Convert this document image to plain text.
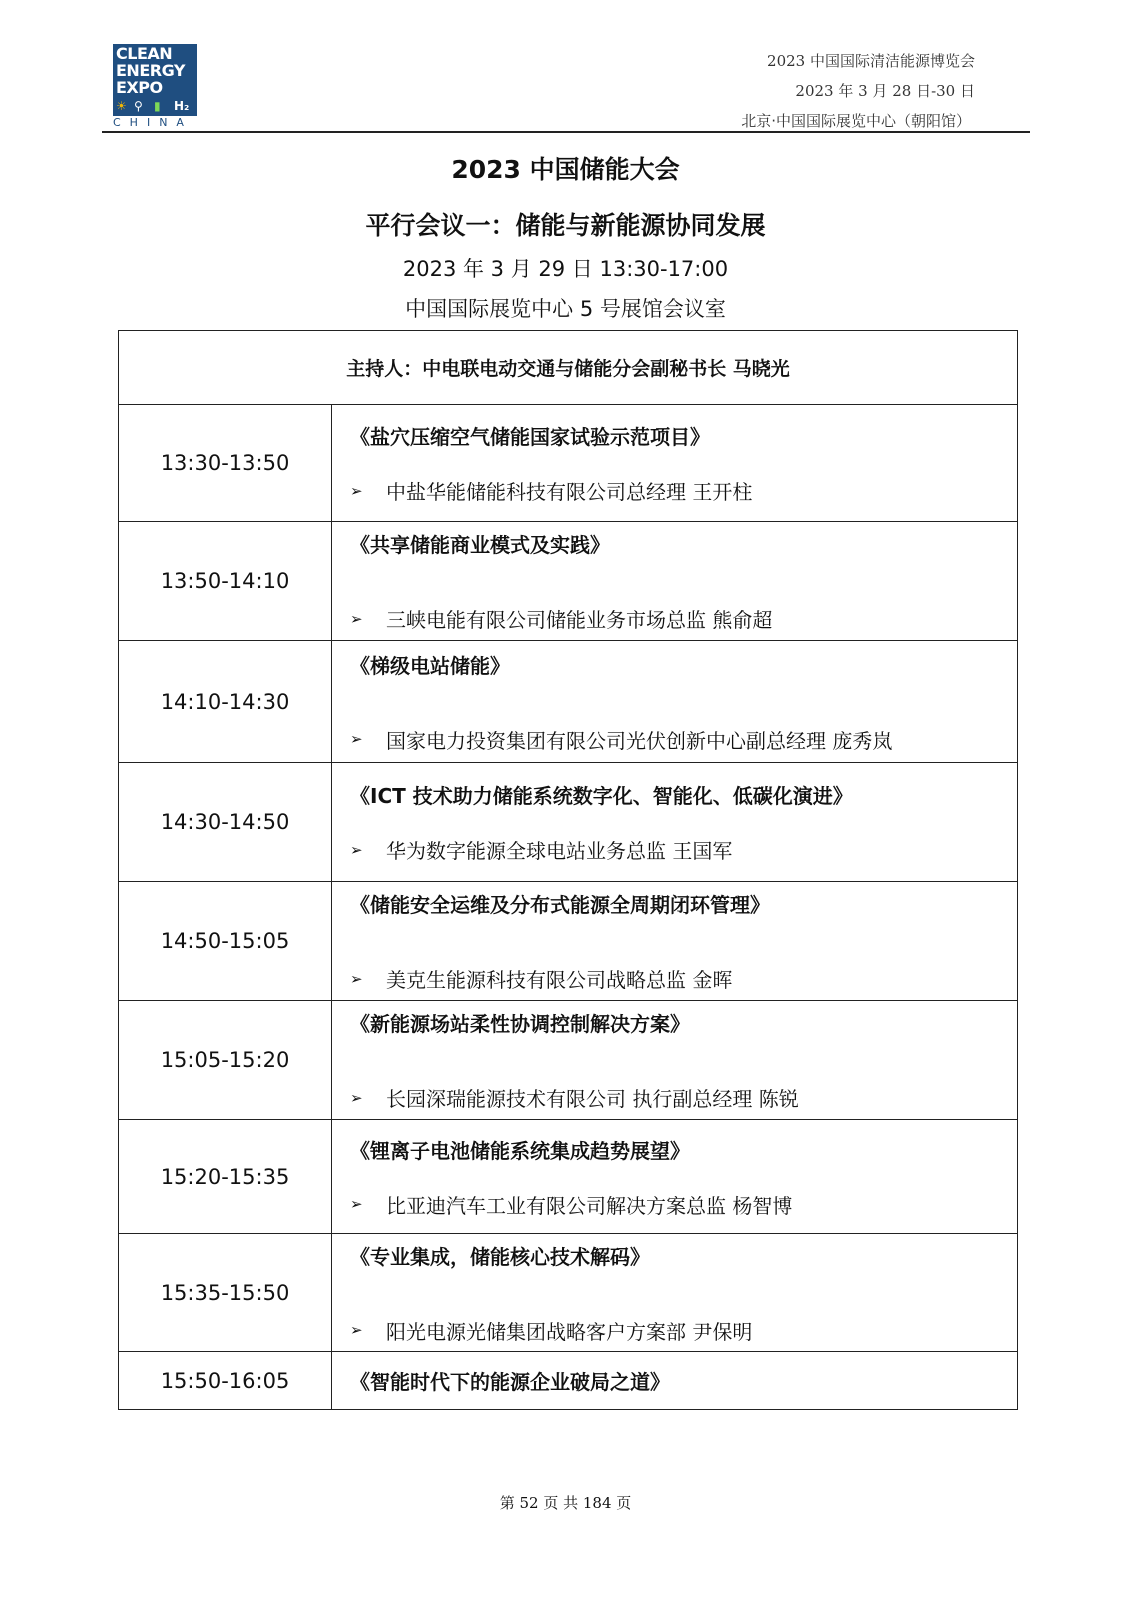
CLEAN
ENERGY
EXPO
☀ ⚲ ▮ H₂
CHINA
2023 中国国际清洁能源博览会
2023 年 3 月 28 日-30 日
北京·中国国际展览中心（朝阳馆）
2023 中国储能大会
平行会议一：储能与新能源协同发展
2023 年 3 月 29 日 13:30-17:00
中国国际展览中心 5 号展馆会议室
主持人：中电联电动交通与储能分会副秘书长 马晓光	
13:30-13:50	《盐穴压缩空气储能国家试验示范项目》
➢ 中盐华能储能科技有限公司总经理 王开柱

13:50-14:10	《共享储能商业模式及实践》
➢ 三峡电能有限公司储能业务市场总监 熊俞超

14:10-14:30	《梯级电站储能》
➢ 国家电力投资集团有限公司光伏创新中心副总经理 庞秀岚

14:30-14:50	《ICT 技术助力储能系统数字化、智能化、低碳化演进》
➢ 华为数字能源全球电站业务总监 王国军

14:50-15:05	《储能安全运维及分布式能源全周期闭环管理》
➢ 美克生能源科技有限公司战略总监 金晖

15:05-15:20	《新能源场站柔性协调控制解决方案》
➢ 长园深瑞能源技术有限公司 执行副总经理 陈锐

15:20-15:35	《锂离子电池储能系统集成趋势展望》
➢ 比亚迪汽车工业有限公司解决方案总监 杨智博

15:35-15:50	《专业集成，储能核心技术解码》
➢ 阳光电源光储集团战略客户方案部 尹保明

15:50-16:05	《智能时代下的能源企业破局之道》
第 52 页 共 184 页
